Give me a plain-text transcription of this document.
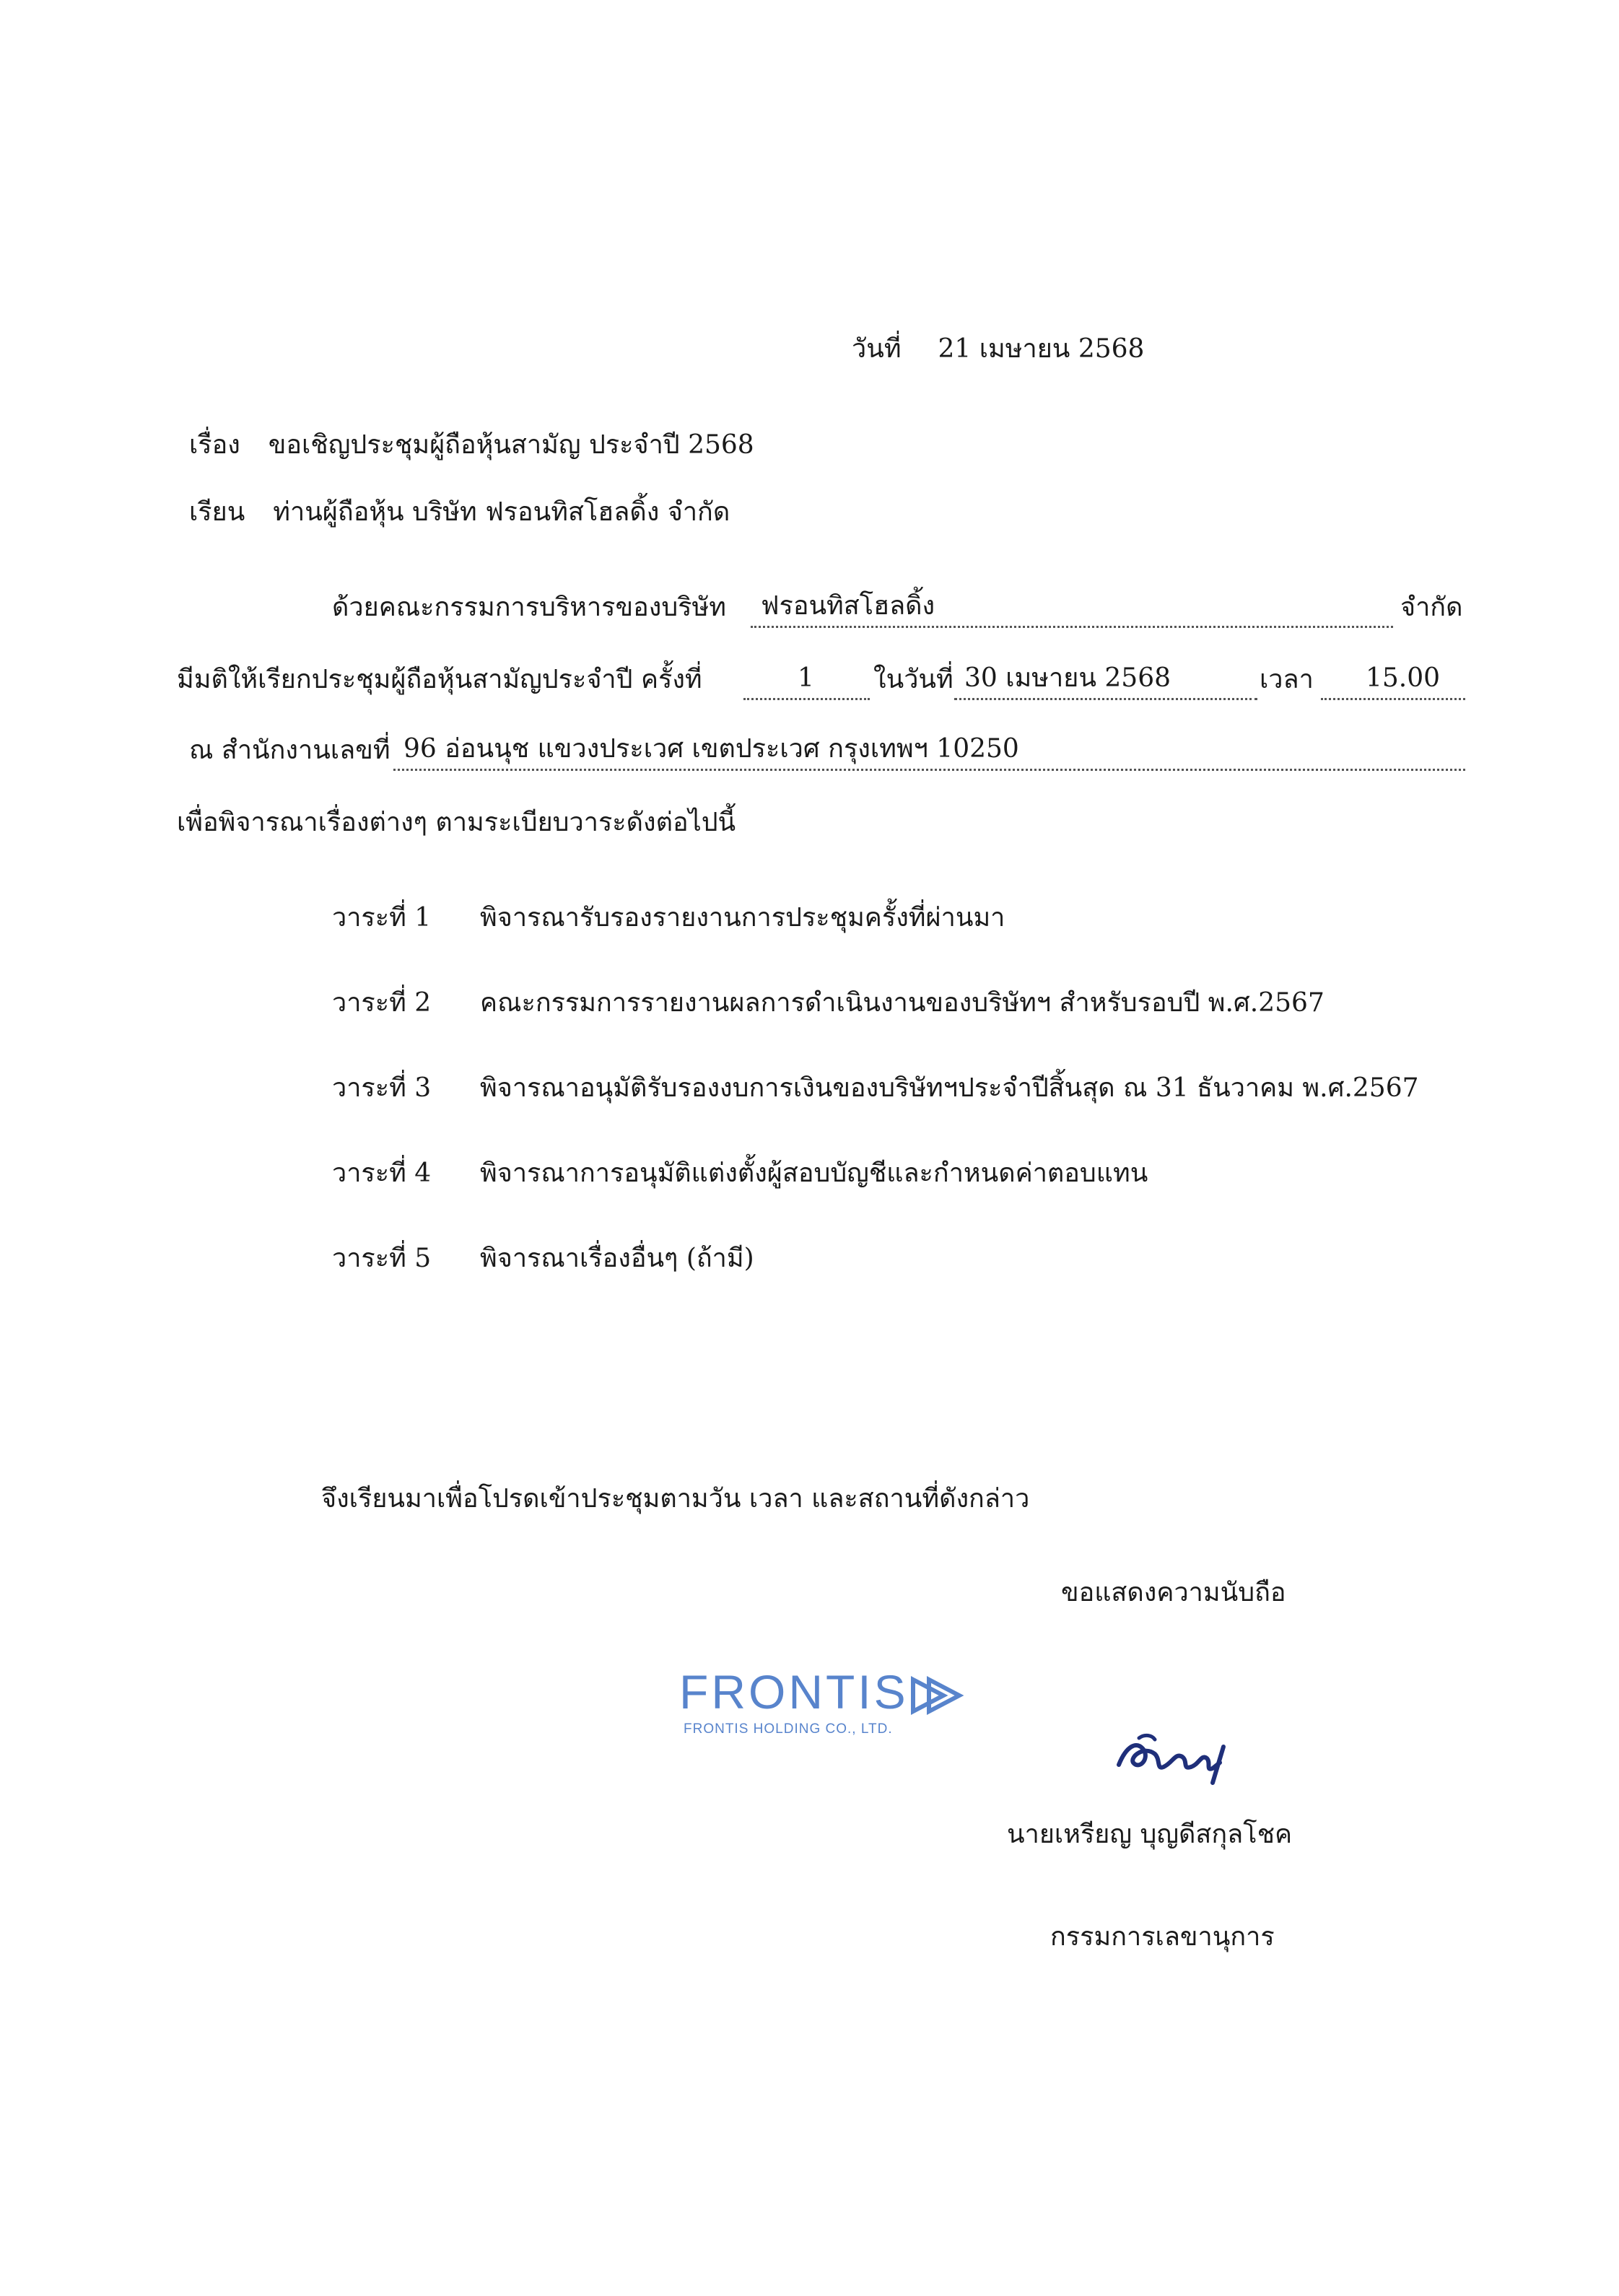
วันที่ 21 เมษายน 2568
เรื่อง ขอเชิญประชุมผู้ถือหุ้นสามัญ ประจำปี 2568
เรียน ท่านผู้ถือหุ้น บริษัท ฟรอนทิสโฮลดิ้ง จำกัด
ด้วยคณะกรรมการบริหารของบริษัท	ฟรอนทิสโฮลดิ้ง	จำกัด
มีมติให้เรียกประชุมผู้ถือหุ้นสามัญประจำปี ครั้งที่	1	ในวันที่ 30 เมษายน 2568	เวลา	15.00
ณ สำนักงานเลขที่ 96 อ่อนนุช แขวงประเวศ เขตประเวศ กรุงเทพฯ 10250
เพื่อพิจารณาเรื่องต่างๆ ตามระเบียบวาระดังต่อไปนี้
วาระที่ 1 พิจารณารับรองรายงานการประชุมครั้งที่ผ่านมา
วาระที่ 2 คณะกรรมการรายงานผลการดำเนินงานของบริษัทฯ สำหรับรอบปี พ.ศ.2567
วาระที่ 3 พิจารณาอนุมัติรับรองงบการเงินของบริษัทฯประจำปีสิ้นสุด ณ 31 ธันวาคม พ.ศ.2567
วาระที่ 4 พิจารณาการอนุมัติแต่งตั้งผู้สอบบัญชีและกำหนดค่าตอบแทน
วาระที่ 5 พิจารณาเรื่องอื่นๆ (ถ้ามี)
จึงเรียนมาเพื่อโปรดเข้าประชุมตามวัน เวลา และสถานที่ดังกล่าว
ขอแสดงความนับถือ
FRONTIS
FRONTIS HOLDING CO., LTD.
นายเหรียญ บุญดีสกุลโชค
กรรมการเลขานุการ
